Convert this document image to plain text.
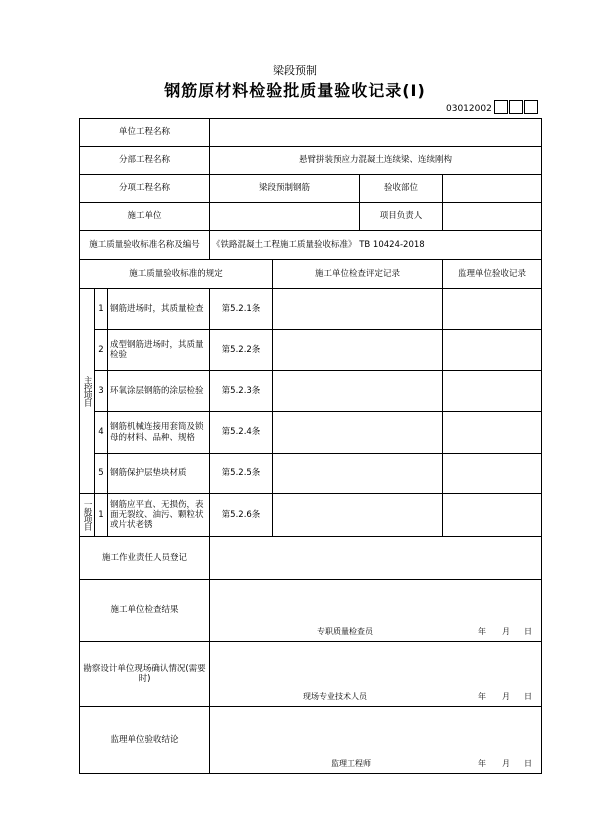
梁段预制
钢筋原材料检验批质量验收记录(Ⅰ)
03012002
单位工程名称						
分部工程名称			悬臂拼装预应力混凝土连续梁、连续刚构			
分项工程名称			梁段预制钢筋		验收部位	
施工单位					项目负责人	
施工质量验收标准名称及编号			《铁路混凝土工程施工质量验收标准》 TB 10424-2018			
施工质量验收标准的规定				施工单位检查评定记录		监理单位验收记录
主控项目	1	钢筋进场时，其质量检查	第5.2.1条			
	2	成型钢筋进场时，其质量检验	第5.2.2条			
	3	环氧涂层钢筋的涂层检验	第5.2.3条			
	4	钢筋机械连接用套筒及锁母的材料、品种、规格	第5.2.4条			
	5	钢筋保护层垫块材质	第5.2.5条			
一般项目	1	钢筋应平直、无损伤，表面无裂纹、油污、颗粒状或片状老锈	第5.2.6条			
施工作业责任人员登记						
施工单位检查结果			专职质量检查员 年 月 日			

勘察设计单位现场确认情况(需要时)			现场专业技术人员 年 月 日			

监理单位验收结论			监理工程师 年 月 日			
